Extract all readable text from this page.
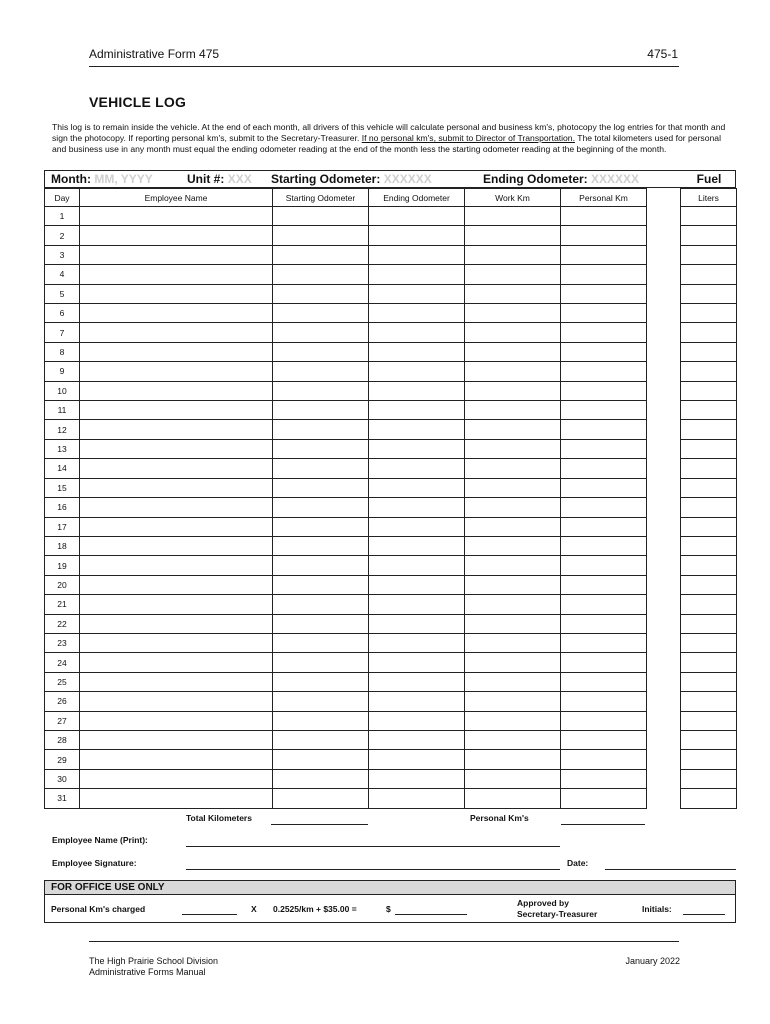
Administrative Form 475	475-1
VEHICLE LOG
This log is to remain inside the vehicle. At the end of each month, all drivers of this vehicle will calculate personal and business km's, photocopy the log entries for that month and sign the photocopy. If reporting personal km's, submit to the Secretary-Treasurer. If no personal km's, submit to Director of Transportation. The total kilometers used for personal and business use in any month must equal the ending odometer reading at the end of the month less the starting odometer reading at the beginning of the month.
Month: MM, YYYY	Unit #: XXX Starting Odometer: XXXXXX	Ending Odometer: XXXXXX	Fuel
Day	Employee Name	Starting Odometer	Ending Odometer	Work Km	Personal Km		Liters
1							
2							
3							
4							
5							
6							
7							
8							
9							
10							
11							
12							
13							
14							
15							
16							
17							
18							
19							
20							
21							
22							
23							
24							
25							
26							
27							
28							
29							
30							
31							
Total Kilometers	Personal Km's
Employee Name (Print):
Employee Signature:	Date:
FOR OFFICE USE ONLY
Personal Km's charged	X 0.2525/km + $35.00 =	$
Approved by
Secretary-Treasurer	Initials:
The High Prairie School Division
Administrative Forms Manual
January 2022
